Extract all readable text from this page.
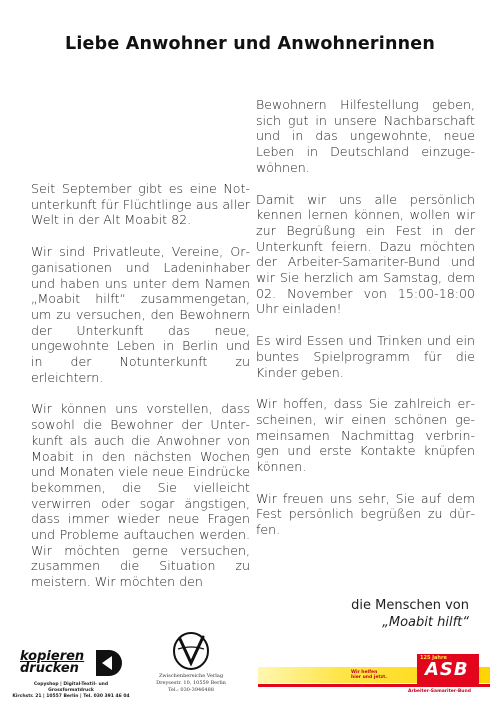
Liebe Anwohner und Anwohnerinnen

Seit September gibt es eine Notunterkunft für Flüchtlinge aus aller Welt in der Alt Moabit 82.

Wir sind Privatleute, Vereine, Organisationen und Ladeninhaber und haben uns unter dem Namen „Moabit hilft“ zusammengetan, um zu versuchen, den Bewohnern der Unterkunft das neue, ungewohnte Leben in Berlin und in der Notunterkunft zu erleichtern.

Wir können uns vorstellen, dass sowohl die Bewohner der Unterkunft als auch die Anwohner von Moabit in den nächsten Wochen und Monaten viele neue Eindrücke bekommen, die Sie vielleicht verwirren oder sogar ängstigen, dass immer wieder neue Fragen und Probleme auftauchen werden. Wir möchten gerne versuchen, zusammen die Situation zu meistern. Wir möchten den

Bewohnern Hilfestellung geben, sich gut in unsere Nachbarschaft und in das ungewohnte, neue Leben in Deutschland einzugewöhnen.

Damit wir uns alle persönlich kennen lernen können, wollen wir zur Begrüßung ein Fest in der Unterkunft feiern. Dazu möchten der Arbeiter-Samariter-Bund und wir Sie herzlich am Samstag, dem 02. November von 15:00-18:00 Uhr einladen!

Es wird Essen und Trinken und ein buntes Spielprogramm für die Kinder geben.

Wir hoffen, dass Sie zahlreich erscheinen, wir einen schönen gemeinsamen Nachmittag verbringen und erste Kontakte knüpfen können.

Wir freuen uns sehr, Sie auf dem Fest persönlich begrüßen zu dürfen.

die Menschen von
„Moabit hilft“
kopieren
drucken
Copyshop | Digital-Textil- und Grossformatdruck
Kirchstr. 21 | 10557 Berlin | Tel. 030 391 46 04
Zwischenbereiche Verlag
Dreysestr. 10, 10559 Berlin
Tel.: 030-3946488
Wir helfen
hier und jetzt.
125 Jahre
ASB
Arbeiter-Samariter-Bund
